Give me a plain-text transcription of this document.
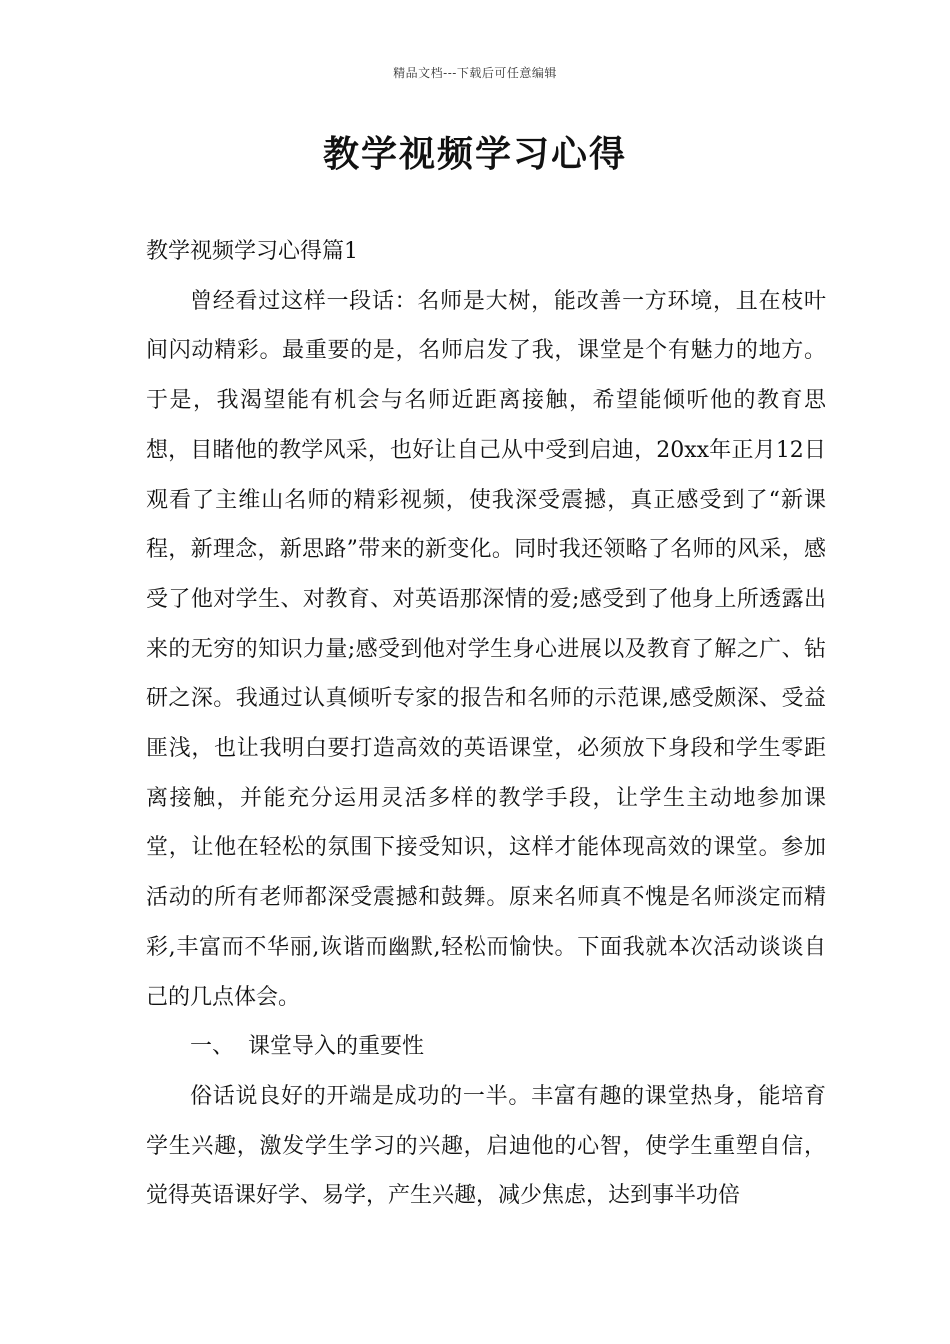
精品文档---下载后可任意编辑
教学视频学习心得

教学视频学习心得篇1

曾经看过这样一段话：名师是大树，能改善一方环境，且在枝叶间闪动精彩。最重要的是，名师启发了我，课堂是个有魅力的地方。于是，我渴望能有机会与名师近距离接触，希望能倾听他的教育思想，目睹他的教学风采，也好让自己从中受到启迪，20xx年正月12日观看了主维山名师的精彩视频，使我深受震撼，真正感受到了“新课程，新理念，新思路”带来的新变化。同时我还领略了名师的风采，感受了他对学生、对教育、对英语那深情的爱;感受到了他身上所透露出来的无穷的知识力量;感受到他对学生身心进展以及教育了解之广、钻研之深。我通过认真倾听专家的报告和名师的示范课,感受颇深、受益匪浅，也让我明白要打造高效的英语课堂，必须放下身段和学生零距离接触，并能充分运用灵活多样的教学手段，让学生主动地参加课堂，让他在轻松的氛围下接受知识，这样才能体现高效的课堂。参加活动的所有老师都深受震撼和鼓舞。原来名师真不愧是名师淡定而精彩,丰富而不华丽,诙谐而幽默,轻松而愉快。下面我就本次活动谈谈自己的几点体会。

一、  课堂导入的重要性

俗话说良好的开端是成功的一半。丰富有趣的课堂热身，能培育学生兴趣，激发学生学习的兴趣，启迪他的心智，使学生重塑自信，觉得英语课好学、易学，产生兴趣，减少焦虑，达到事半功倍
